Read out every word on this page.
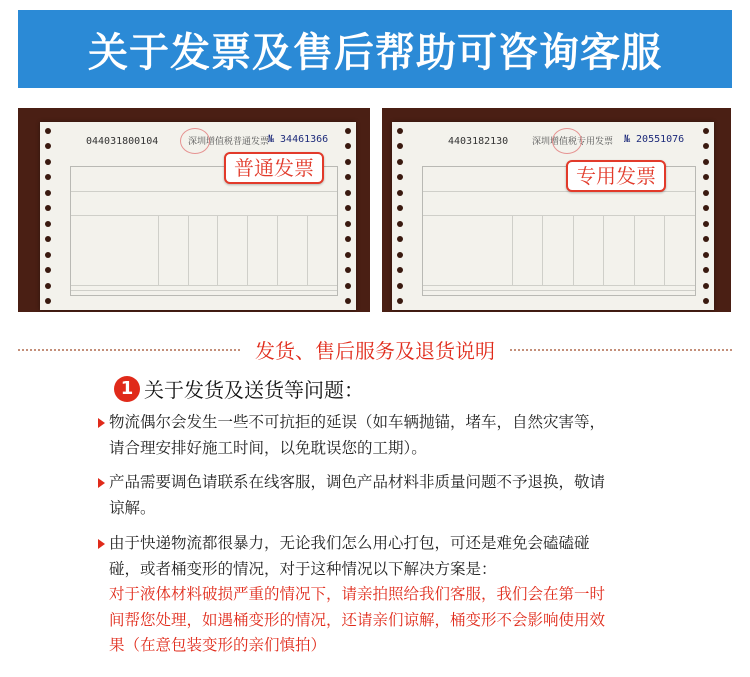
关于发票及售后帮助可咨询客服
044031800104	深圳增值税普通发票
№ 34461366
普通发票
4403182130	深圳增值税专用发票 № 20551076
专用发票
发货、售后服务及退货说明
1 关于发货及送货等问题：

物流偶尔会发生一些不可抗拒的延误（如车辆抛锚，堵车，自然灾害等，

请合理安排好施工时间，以免耽误您的工期）。

产品需要调色请联系在线客服，调色产品材料非质量问题不予退换，敬请

谅解。

由于快递物流都很暴力，无论我们怎么用心打包，可还是难免会磕磕碰

碰，或者桶变形的情况，对于这种情况以下解决方案是：

对于液体材料破损严重的情况下，请亲拍照给我们客服，我们会在第一时

间帮您处理，如遇桶变形的情况，还请亲们谅解，桶变形不会影响使用效

果（在意包装变形的亲们慎拍）
